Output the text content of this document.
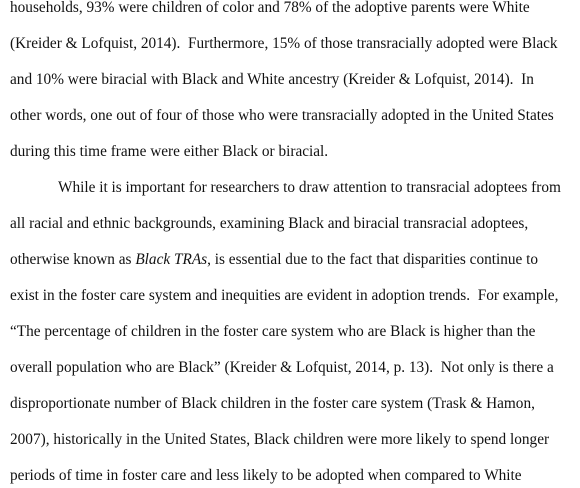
households, 93% were children of color and 78% of the adoptive parents were White
(Kreider & Lofquist, 2014).  Furthermore, 15% of those transracially adopted were Black
and 10% were biracial with Black and White ancestry (Kreider & Lofquist, 2014).  In
other words, one out of four of those who were transracially adopted in the United States
during this time frame were either Black or biracial.
While it is important for researchers to draw attention to transracial adoptees from
all racial and ethnic backgrounds, examining Black and biracial transracial adoptees,
otherwise known as Black TRAs, is essential due to the fact that disparities continue to
exist in the foster care system and inequities are evident in adoption trends.  For example,
“The percentage of children in the foster care system who are Black is higher than the
overall population who are Black” (Kreider & Lofquist, 2014, p. 13).  Not only is there a
disproportionate number of Black children in the foster care system (Trask & Hamon,
2007), historically in the United States, Black children were more likely to spend longer
periods of time in foster care and less likely to be adopted when compared to White
